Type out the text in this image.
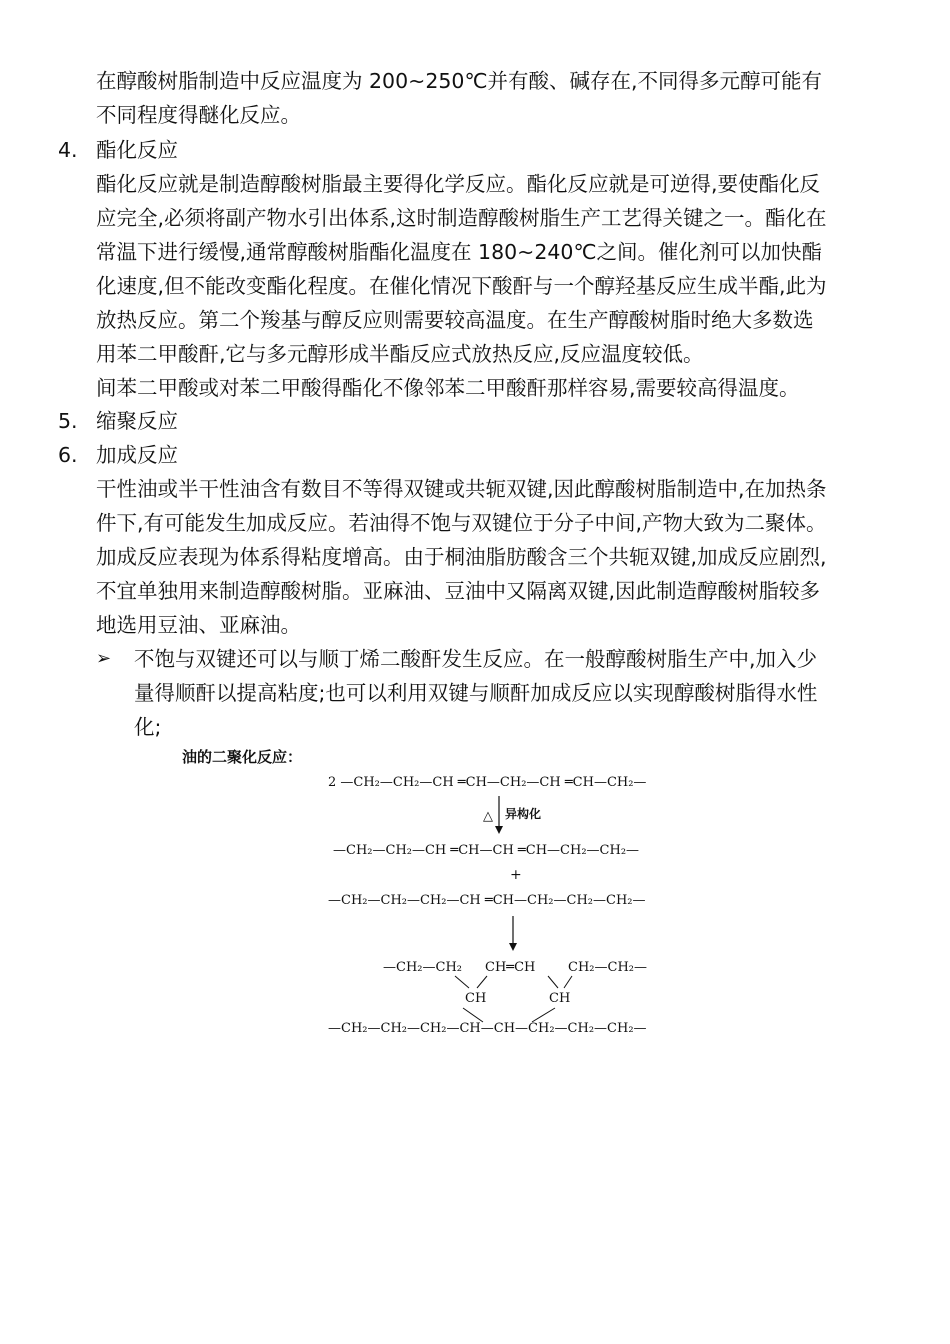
在醇酸树脂制造中反应温度为 200~250℃并有酸、碱存在,不同得多元醇可能有
不同程度得醚化反应。
4. 酯化反应
酯化反应就是制造醇酸树脂最主要得化学反应。酯化反应就是可逆得,要使酯化反
应完全,必须将副产物水引出体系,这时制造醇酸树脂生产工艺得关键之一。酯化在
常温下进行缓慢,通常醇酸树脂酯化温度在 180~240℃之间。催化剂可以加快酯
化速度,但不能改变酯化程度。在催化情况下酸酐与一个醇羟基反应生成半酯,此为
放热反应。第二个羧基与醇反应则需要较高温度。在生产醇酸树脂时绝大多数选
用苯二甲酸酐,它与多元醇形成半酯反应式放热反应,反应温度较低。
间苯二甲酸或对苯二甲酸得酯化不像邻苯二甲酸酐那样容易,需要较高得温度。
5. 缩聚反应
6. 加成反应
干性油或半干性油含有数目不等得双键或共轭双键,因此醇酸树脂制造中,在加热条
件下,有可能发生加成反应。若油得不饱与双键位于分子中间,产物大致为二聚体。
加成反应表现为体系得粘度增高。由于桐油脂肪酸含三个共轭双键,加成反应剧烈,
不宜单独用来制造醇酸树脂。亚麻油、豆油中又隔离双键,因此制造醇酸树脂较多
地选用豆油、亚麻油。
➢ 不饱与双键还可以与顺丁烯二酸酐发生反应。在一般醇酸树脂生产中,加入少
量得顺酐以提高粘度;也可以利用双键与顺酐加成反应以实现醇酸树脂得水性
化;
油的二聚化反应：
2 —CH₂—CH₂—CH ═CH—CH₂—CH ═CH—CH₂—
△ 异构化
—CH₂—CH₂—CH ═CH—CH ═CH—CH₂—CH₂—
+
—CH₂—CH₂—CH₂—CH ═CH—CH₂—CH₂—CH₂—
—CH₂—CH₂ CH═CH	CH₂—CH₂—
CH	CH
—CH₂—CH₂—CH₂—CH—CH—CH₂—CH₂—CH₂—
